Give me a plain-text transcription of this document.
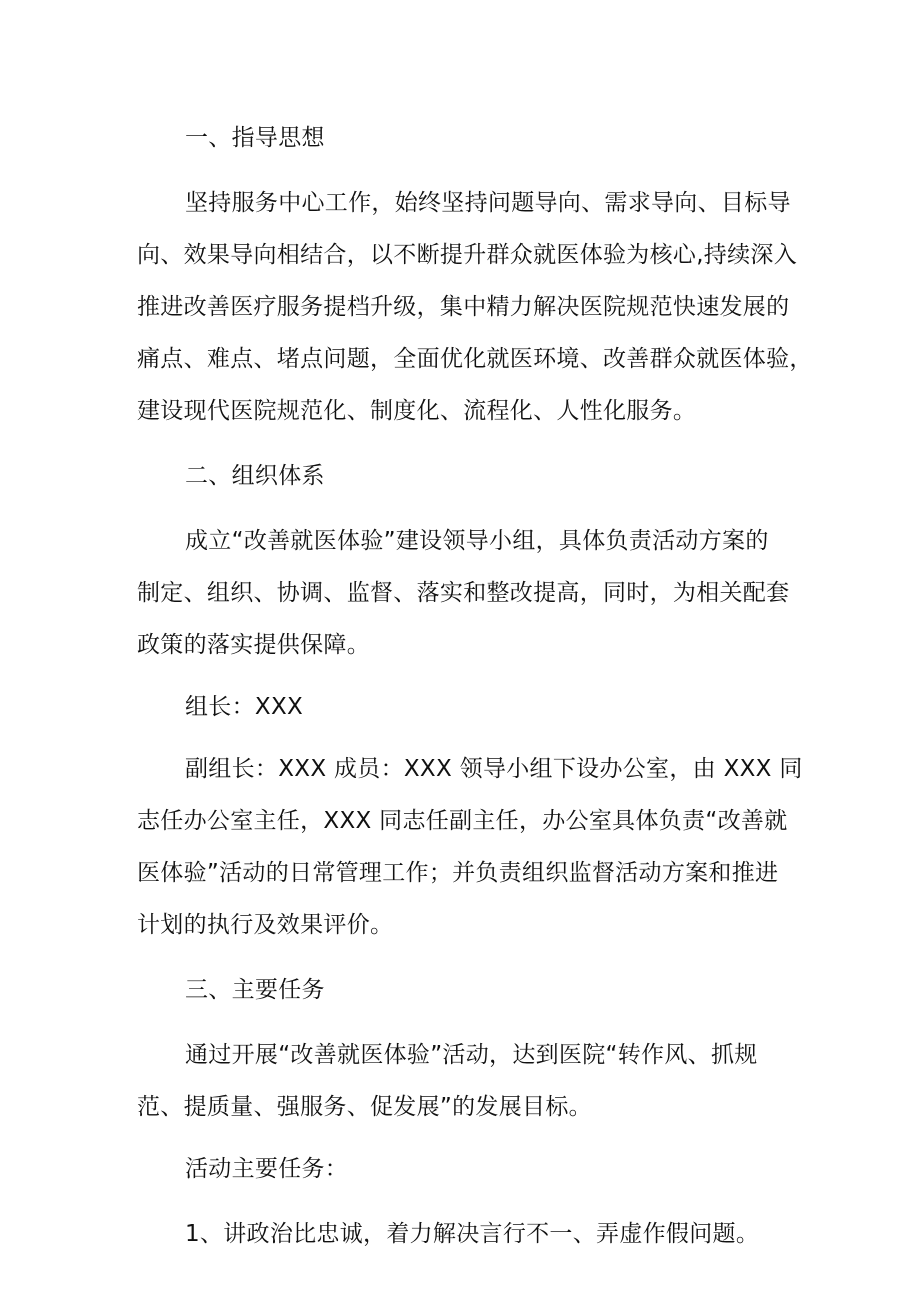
一、指导思想
坚持服务中心工作，始终坚持问题导向、需求导向、目标导
向、效果导向相结合，以不断提升群众就医体验为核心,持续深入
推进改善医疗服务提档升级，集中精力解决医院规范快速发展的
痛点、难点、堵点问题，全面优化就医环境、改善群众就医体验，
建设现代医院规范化、制度化、流程化、人性化服务。
二、组织体系
成立“改善就医体验”建设领导小组，具体负责活动方案的
制定、组织、协调、监督、落实和整改提高，同时，为相关配套
政策的落实提供保障。
组长：XXX
副组长：XXX 成员：XXX 领导小组下设办公室，由 XXX 同
志任办公室主任，XXX 同志任副主任，办公室具体负责“改善就
医体验”活动的日常管理工作；并负责组织监督活动方案和推进
计划的执行及效果评价。
三、主要任务
通过开展“改善就医体验”活动，达到医院“转作风、抓规
范、提质量、强服务、促发展”的发展目标。
活动主要任务：
1、讲政治比忠诚，着力解决言行不一、弄虚作假问题。
